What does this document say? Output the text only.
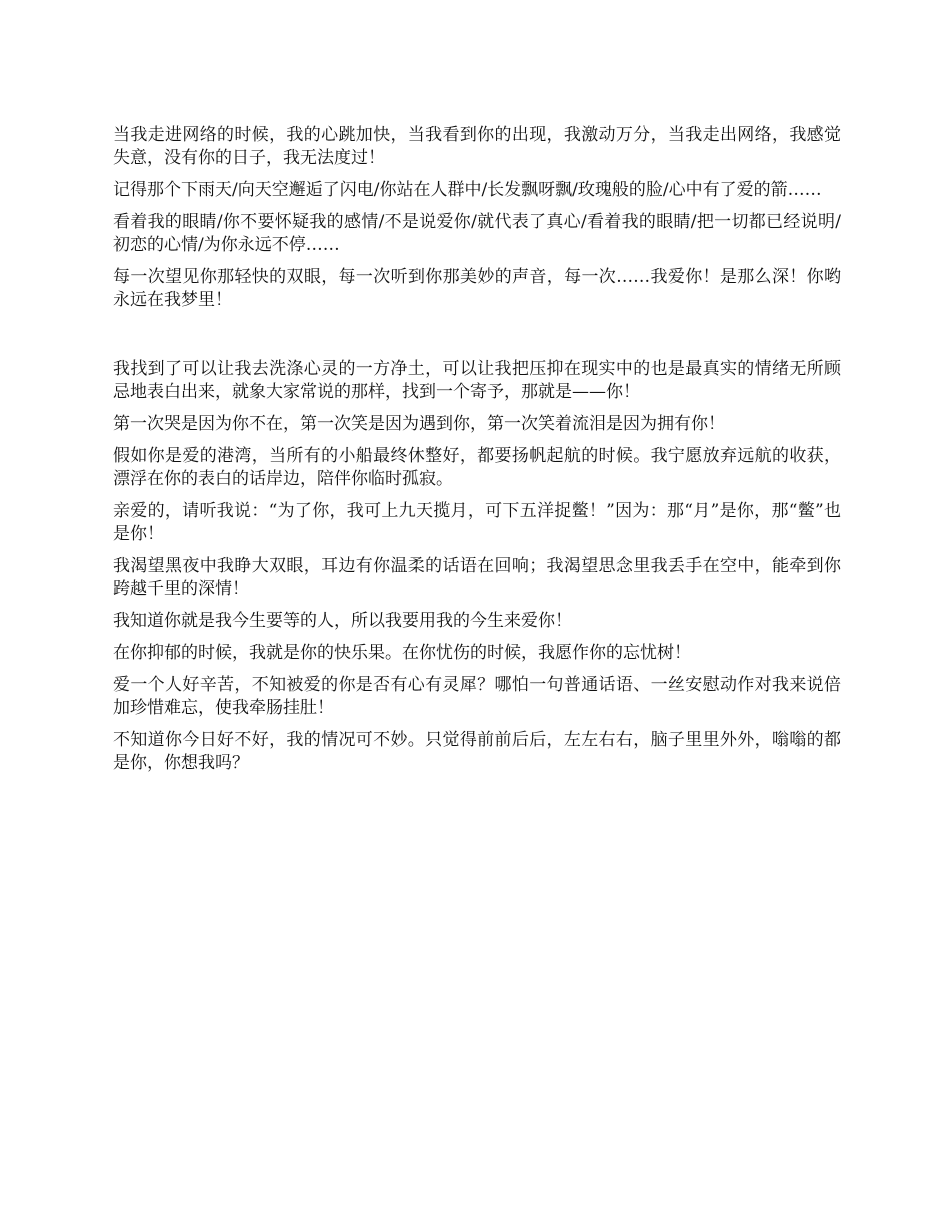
当我走进网络的时候，我的心跳加快，当我看到你的出现，我激动万分，当我走出网络，我感觉失意，没有你的日子，我无法度过！

记得那个下雨天/向天空邂逅了闪电/你站在人群中/长发飘呀飘/玫瑰般的脸/心中有了爱的箭……

看着我的眼睛/你不要怀疑我的感情/不是说爱你/就代表了真心/看着我的眼睛/把一切都已经说明/初恋的心情/为你永远不停……

每一次望见你那轻快的双眼，每一次听到你那美妙的声音，每一次……我爱你！是那么深！你哟永远在我梦里！

我找到了可以让我去洗涤心灵的一方净土，可以让我把压抑在现实中的也是最真实的情绪无所顾忌地表白出来，就象大家常说的那样，找到一个寄予，那就是——你！

第一次哭是因为你不在，第一次笑是因为遇到你，第一次笑着流泪是因为拥有你！

假如你是爱的港湾，当所有的小船最终休整好，都要扬帆起航的时候。我宁愿放弃远航的收获，漂浮在你的表白的话岸边，陪伴你临时孤寂。

亲爱的，请听我说：“为了你，我可上九天揽月，可下五洋捉鳖！”因为：那“月”是你，那“鳖”也是你！

我渴望黑夜中我睁大双眼，耳边有你温柔的话语在回响；我渴望思念里我丢手在空中，能牵到你跨越千里的深情！

我知道你就是我今生要等的人，所以我要用我的今生来爱你！

在你抑郁的时候，我就是你的快乐果。在你忧伤的时候，我愿作你的忘忧树！

爱一个人好辛苦，不知被爱的你是否有心有灵犀？哪怕一句普通话语、一丝安慰动作对我来说倍加珍惜难忘，使我牵肠挂肚！

不知道你今日好不好，我的情况可不妙。只觉得前前后后，左左右右，脑子里里外外，嗡嗡的都是你，你想我吗？
